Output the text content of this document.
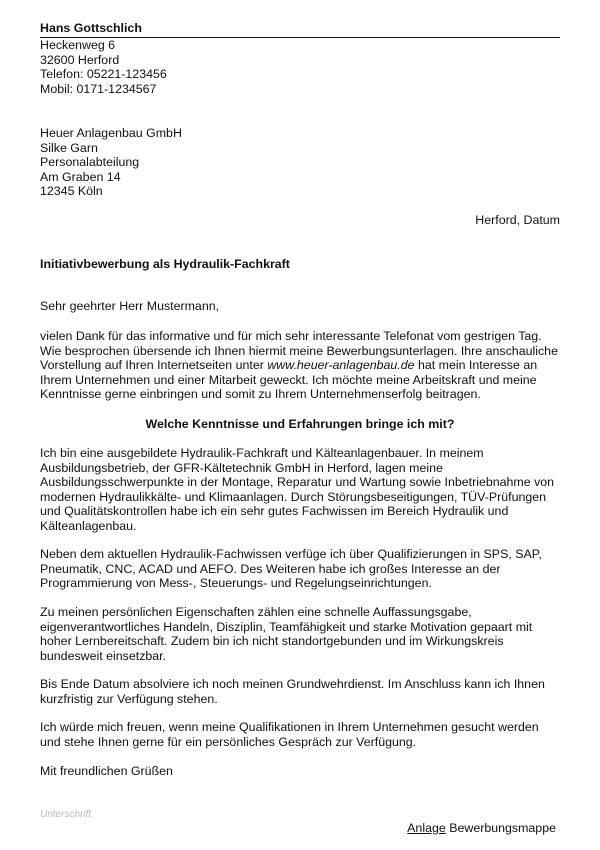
Hans Gottschlich
Heckenweg 6
32600 Herford
Telefon: 05221-123456
Mobil: 0171-1234567
Heuer Anlagenbau GmbH
Silke Garn
Personalabteilung
Am Graben 14
12345 Köln
Herford, Datum
Initiativbewerbung als Hydraulik-Fachkraft
Sehr geehrter Herr Mustermann,

vielen Dank für das informative und für mich sehr interessante Telefonat vom gestrigen Tag. Wie besprochen übersende ich Ihnen hiermit meine Bewerbungsunterlagen. Ihre anschauliche Vorstellung auf Ihren Internetseiten unter www.heuer-anlagenbau.de hat mein Interesse an Ihrem Unternehmen und einer Mitarbeit geweckt. Ich möchte meine Arbeitskraft und meine Kenntnisse gerne einbringen und somit zu Ihrem Unternehmenserfolg beitragen.

Welche Kenntnisse und Erfahrungen bringe ich mit?

Ich bin eine ausgebildete Hydraulik-Fachkraft und Kälteanlagenbauer. In meinem Ausbildungsbetrieb, der GFR-Kältetechnik GmbH in Herford, lagen meine Ausbildungsschwerpunkte in der Montage, Reparatur und Wartung sowie Inbetriebnahme von modernen Hydraulikkälte- und Klimaanlagen. Durch Störungsbeseitigungen, TÜV-Prüfungen und Qualitätskontrollen habe ich ein sehr gutes Fachwissen im Bereich Hydraulik und Kälteanlagenbau.

Neben dem aktuellen Hydraulik-Fachwissen verfüge ich über Qualifizierungen in SPS, SAP, Pneumatik, CNC, ACAD und AEFO. Des Weiteren habe ich großes Interesse an der Programmierung von Mess-, Steuerungs- und Regelungseinrichtungen.

Zu meinen persönlichen Eigenschaften zählen eine schnelle Auffassungsgabe, eigenverantwortliches Handeln, Disziplin, Teamfähigkeit und starke Motivation gepaart mit hoher Lernbereitschaft. Zudem bin ich nicht standortgebunden und im Wirkungskreis bundesweit einsetzbar.

Bis Ende Datum absolviere ich noch meinen Grundwehrdienst. Im Anschluss kann ich Ihnen kurzfristig zur Verfügung stehen.

Ich würde mich freuen, wenn meine Qualifikationen in Ihrem Unternehmen gesucht werden und stehe Ihnen gerne für ein persönliches Gespräch zur Verfügung.

Mit freundlichen Grüßen
Unterschrift
Anlage Bewerbungsmappe
